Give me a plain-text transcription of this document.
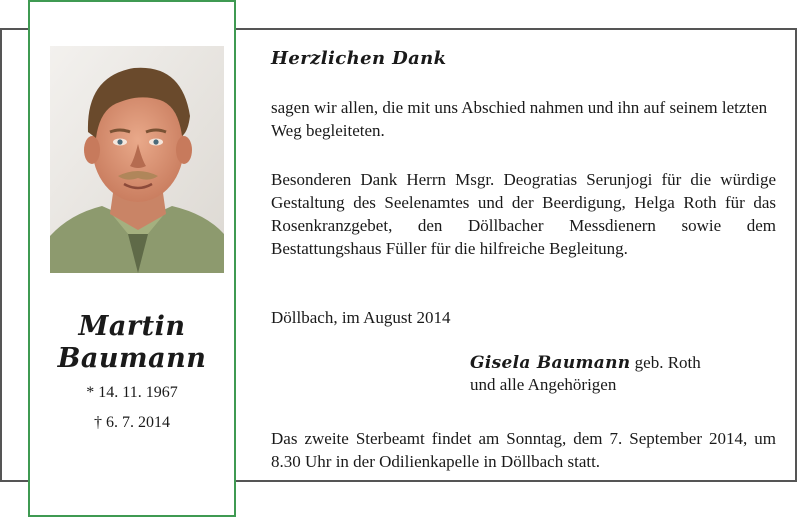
Martin
Baumann
* 14. 11. 1967
† 6. 7. 2014
Herzlichen Dank

sagen wir allen, die mit uns Abschied nahmen und ihn auf seinem letzten Weg begleiteten.

Besonderen Dank Herrn Msgr. Deogratias Serunjogi für die würdige Gestaltung des Seelenamtes und der Beerdigung, Helga Roth für das Rosenkranzgebet, den Döllbacher Messdienern sowie dem Bestattungshaus Füller für die hilfreiche Begleitung.

Döllbach, im August 2014

Gisela Baumann geb. Roth
und alle Angehörigen

Das zweite Sterbeamt findet am Sonntag, dem 7. September 2014, um 8.30 Uhr in der Odilienkapelle in Döllbach statt.
